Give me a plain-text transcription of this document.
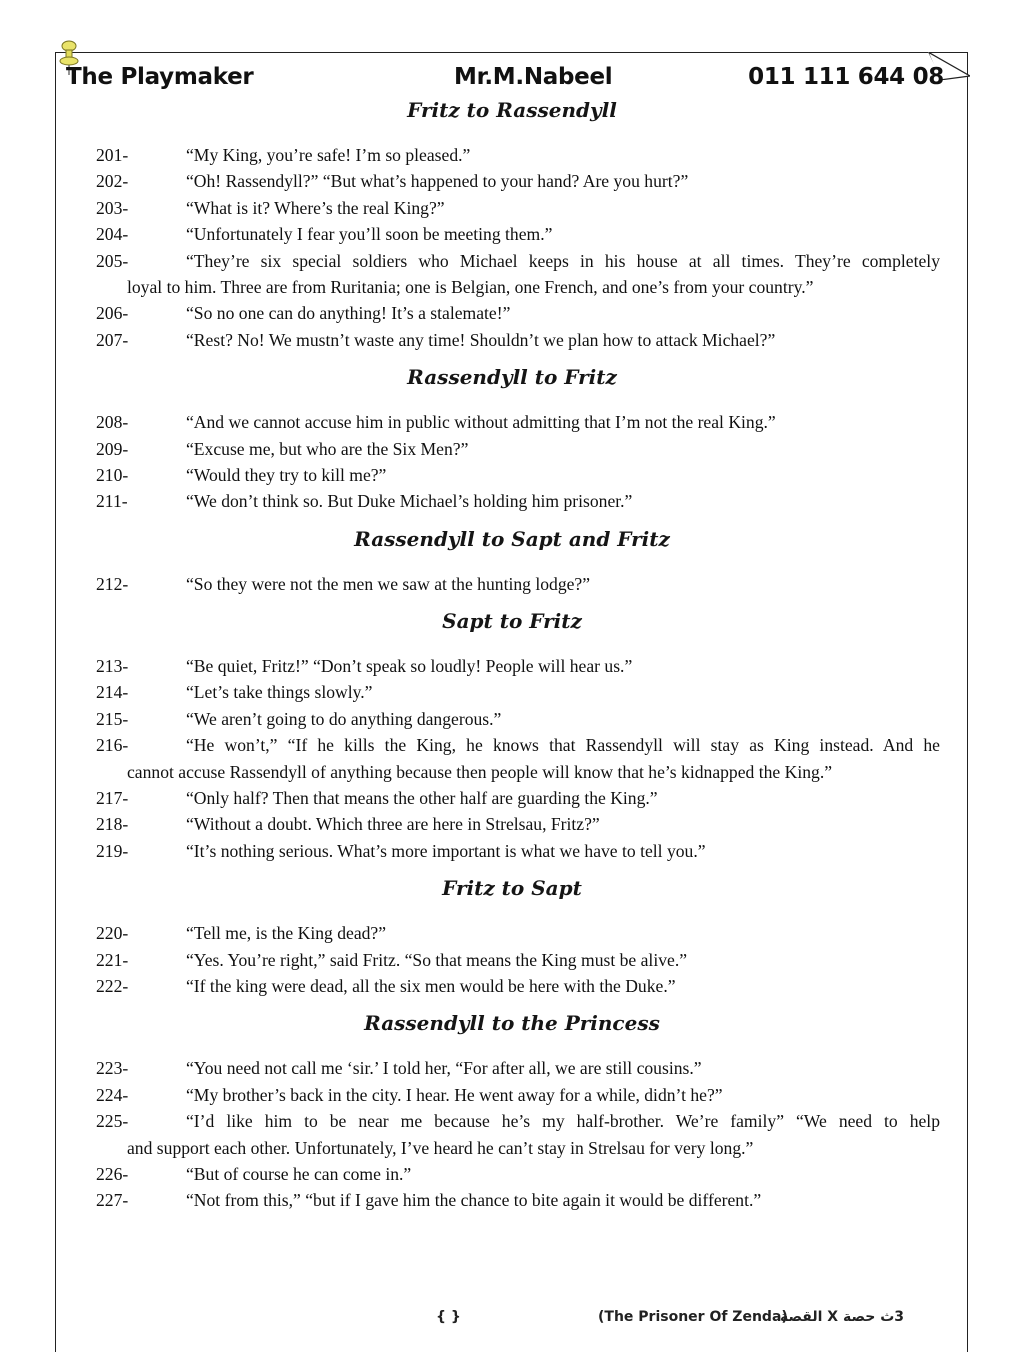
The Playmaker	Mr.M.Nabeel	011 111 644 08
Fritz to Rassendyll
201-	“My King, you’re safe! I’m so pleased.”
202-	“Oh! Rassendyll?” “But what’s happened to your hand? Are you hurt?”
203-	“What is it? Where’s the real King?”
204-	“Unfortunately I fear you’ll soon be meeting them.”
205-	“They’re six special soldiers who Michael keeps in his house at all times. They’re completely
loyal to him. Three are from Ruritania; one is Belgian, one French, and one’s from your country.”
206-	“So no one can do anything! It’s a stalemate!”
207-	“Rest? No! We mustn’t waste any time! Shouldn’t we plan how to attack Michael?”
Rassendyll to Fritz
208-	“And we cannot accuse him in public without admitting that I’m not the real King.”
209-	“Excuse me, but who are the Six Men?”
210-	“Would they try to kill me?”
211-	“We don’t think so. But Duke Michael’s holding him prisoner.”
Rassendyll to Sapt and Fritz
212-	“So they were not the men we saw at the hunting lodge?”
Sapt to Fritz
213-	“Be quiet, Fritz!” “Don’t speak so loudly! People will hear us.”
214-	“Let’s take things slowly.”
215-	“We aren’t going to do anything dangerous.”
216-	“He won’t,” “If he kills the King, he knows that Rassendyll will stay as King instead. And he
cannot accuse Rassendyll of anything because then people will know that he’s kidnapped the King.”
217-	“Only half? Then that means the other half are guarding the King.”
218-	“Without a doubt. Which three are here in Strelsau, Fritz?”
219-	“It’s nothing serious. What’s more important is what we have to tell you.”
Fritz to Sapt
220-	“Tell me, is the King dead?”
221-	“Yes. You’re right,” said Fritz. “So that means the King must be alive.”
222-	“If the king were dead, all the six men would be here with the Duke.”
Rassendyll to the Princess
223-	“You need not call me ‘sir.’ I told her, “For after all, we are still cousins.”
224-	“My brother’s back in the city. I hear. He went away for a while, didn’t he?”
225-	“I’d like him to be near me because he’s my half-brother. We’re family” “We need to help
and support each other. Unfortunately, I’ve heard he can’t stay in Strelsau for very long.”
226-	“But of course he can come in.”
227-	“Not from this,” “but if I gave him the chance to bite again it would be different.”
{ }	(The Prisoner Of Zenda)
3ث حصة X القصة
